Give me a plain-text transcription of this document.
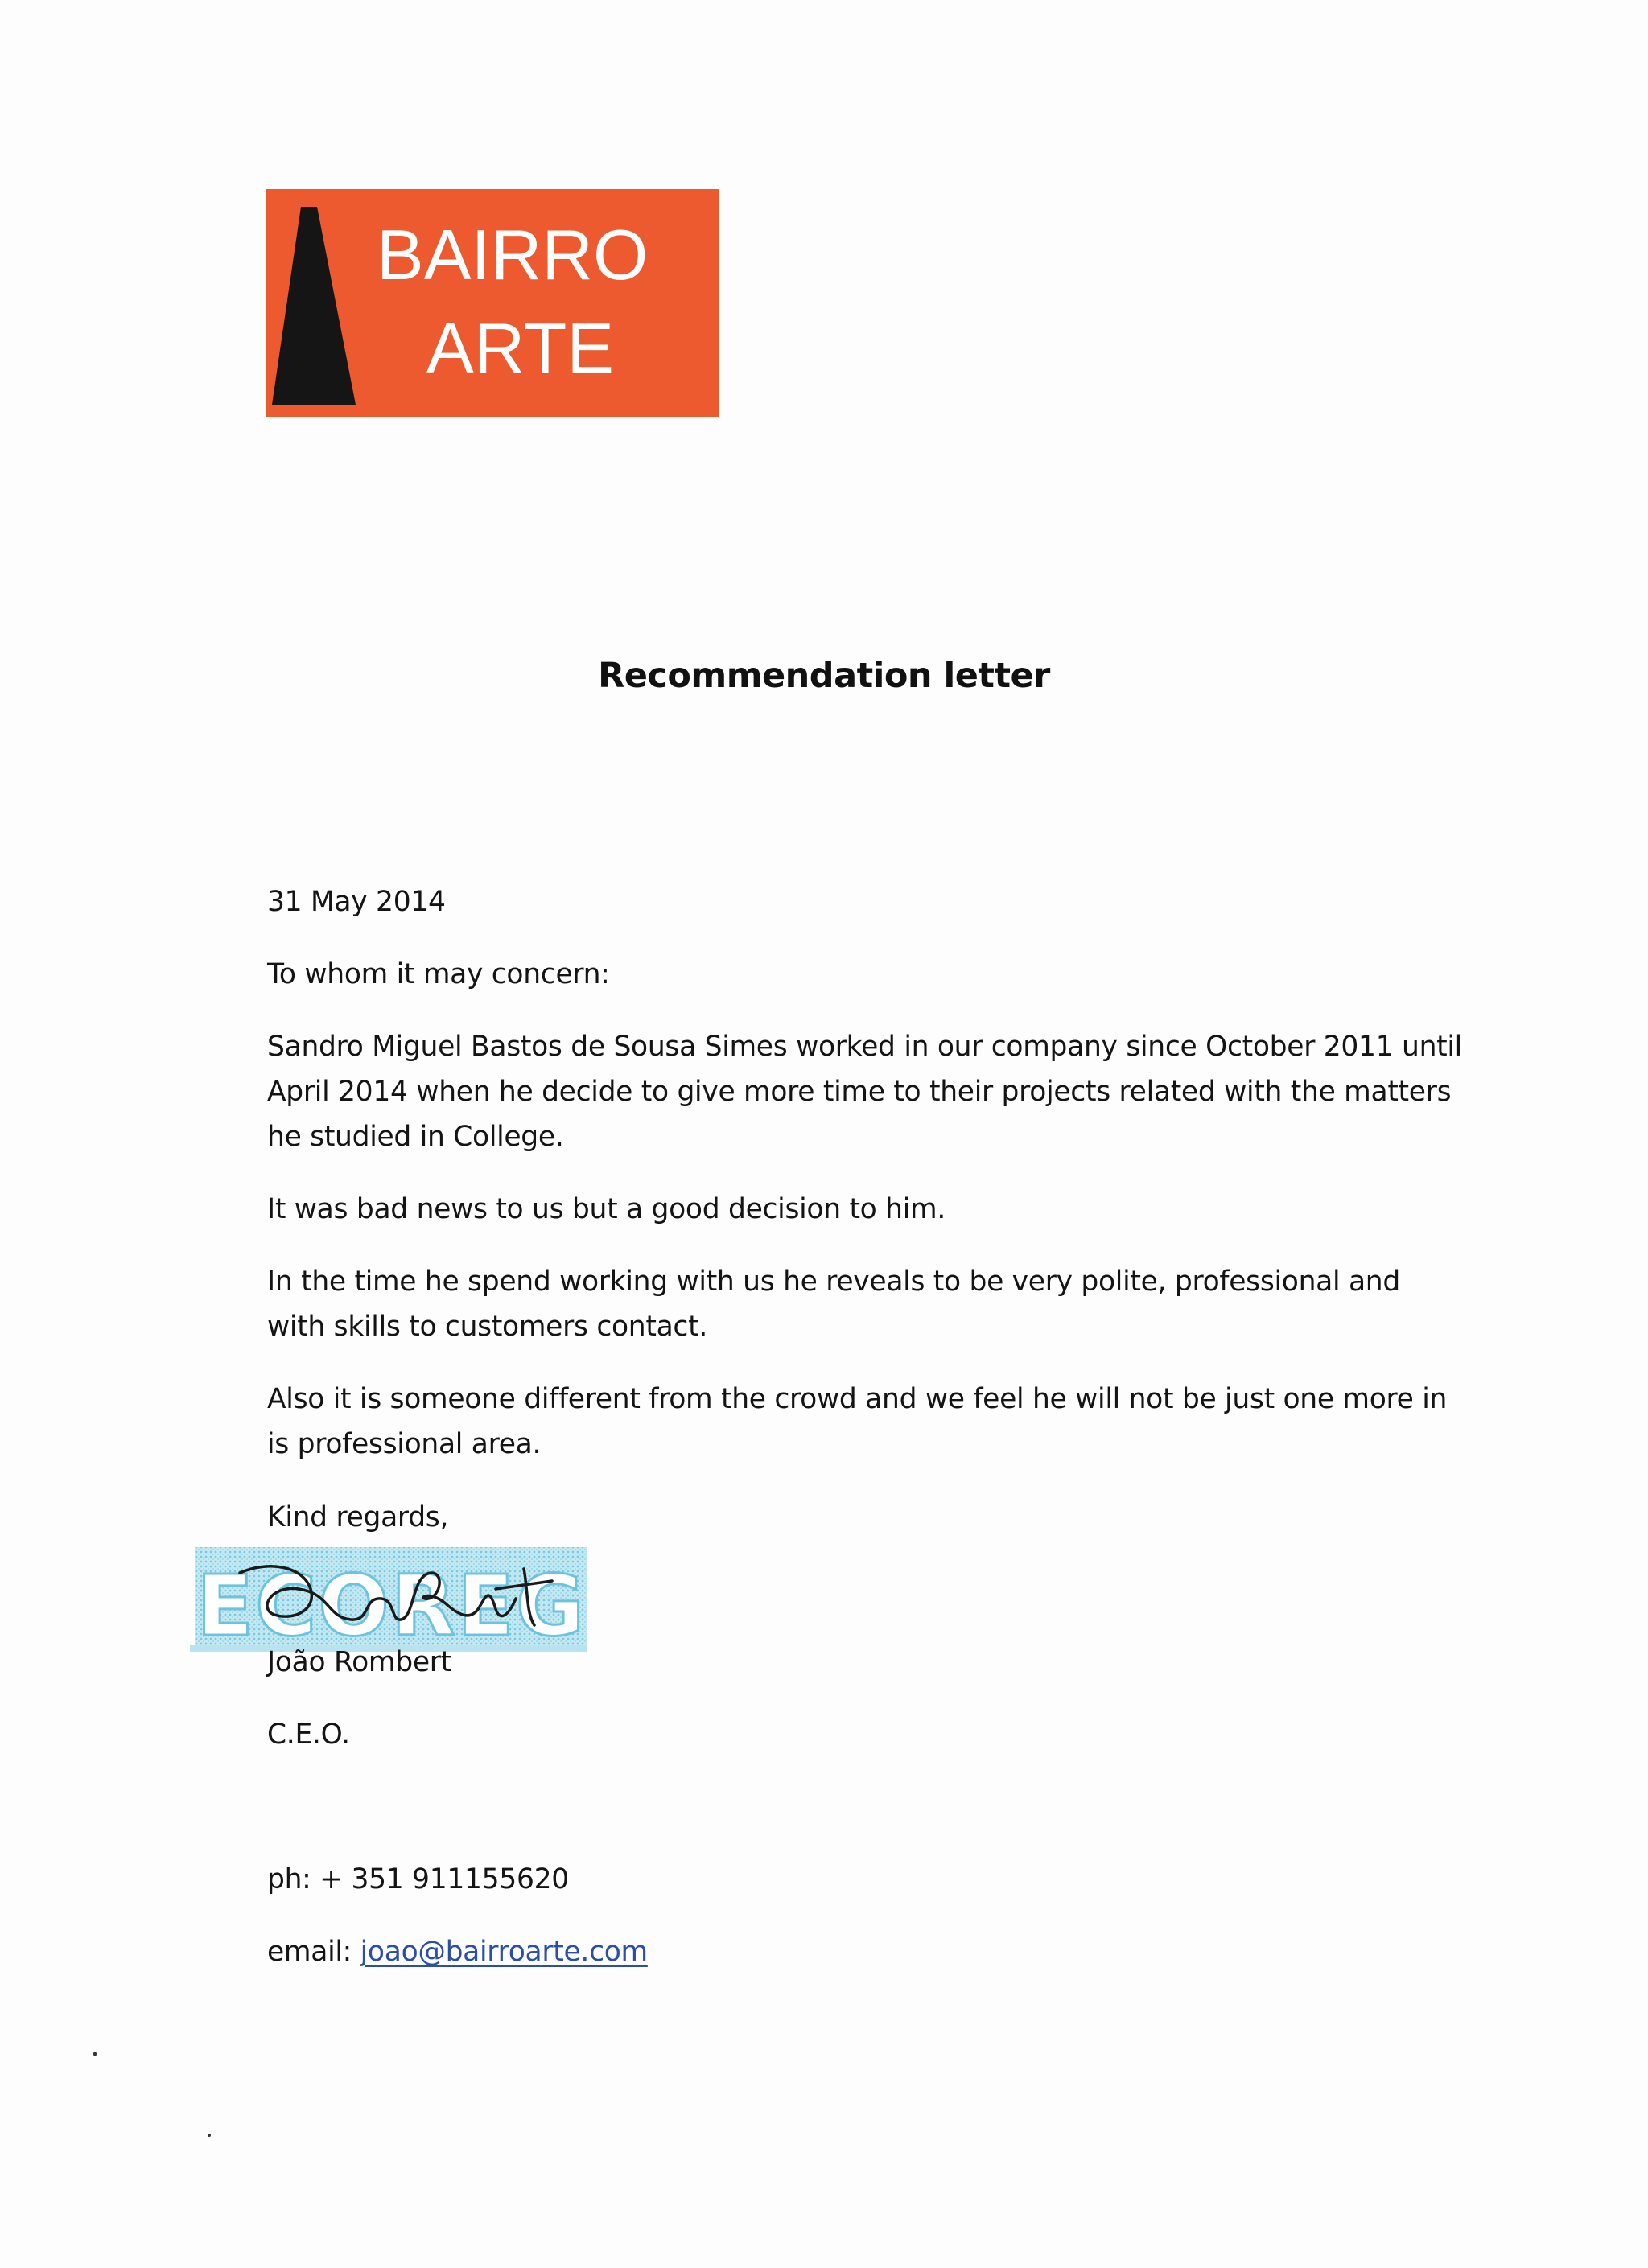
BAIRRO
ARTE
Recommendation letter
31 May 2014
To whom it may concern:
Sandro Miguel Bastos de Sousa Simes worked in our company since October 2011 until
April 2014 when he decide to give more time to their projects related with the matters
he studied in College.
It was bad news to us but a good decision to him.
In the time he spend working with us he reveals to be very polite, professional and
with skills to customers contact.
Also it is someone different from the crowd and we feel he will not be just one more in
is professional area.
Kind regards,
ECOREG
João Rombert
C.E.O.
ph: + 351 911155620
email: joao@bairroarte.com
